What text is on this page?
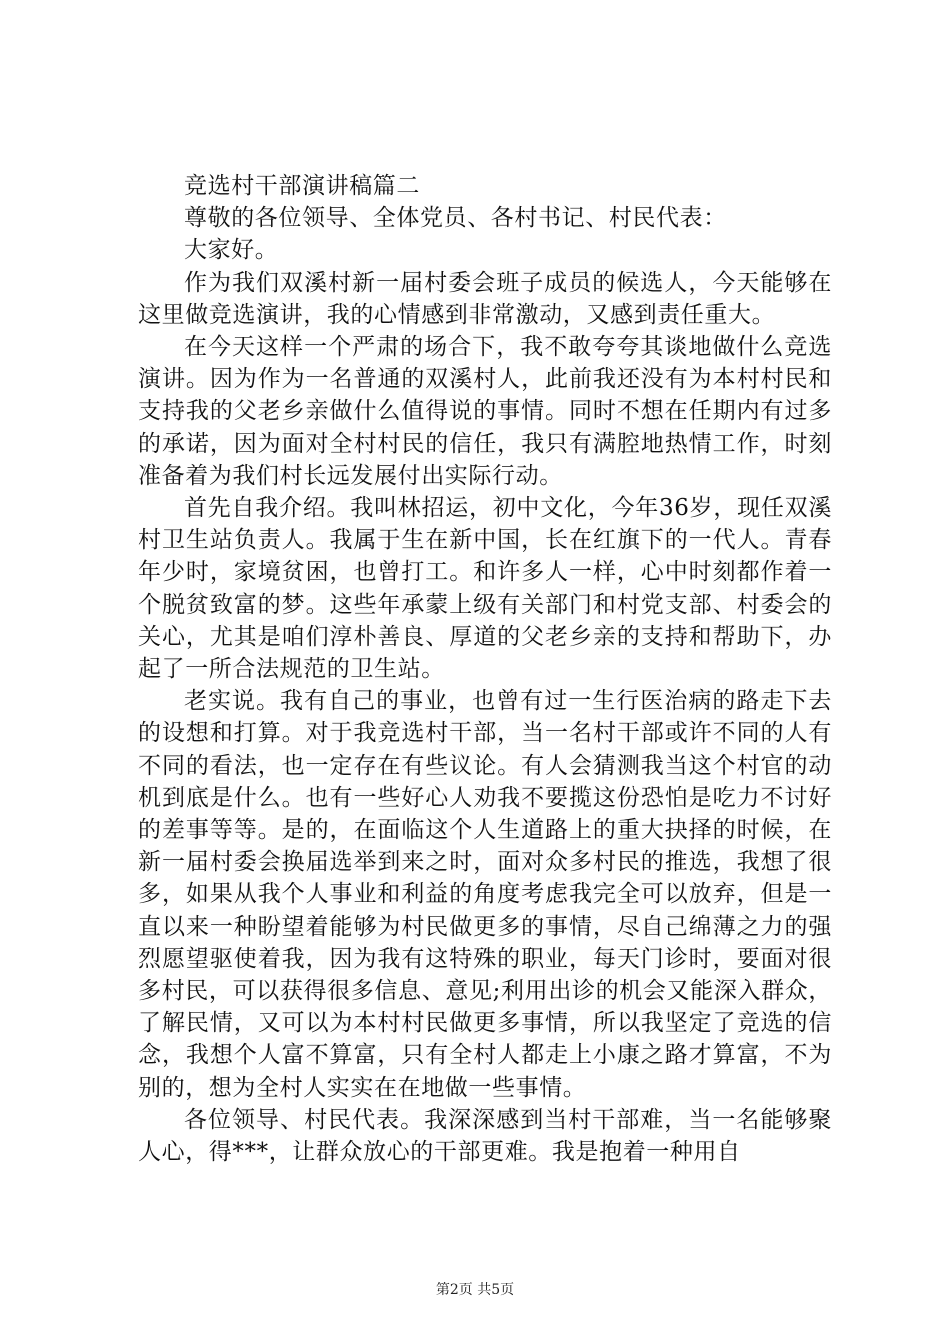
竞选村干部演讲稿篇二

尊敬的各位领导、全体党员、各村书记、村民代表：

大家好。

作为我们双溪村新一届村委会班子成员的候选人，今天能够在这里做竞选演讲，我的心情感到非常激动，又感到责任重大。

在今天这样一个严肃的场合下，我不敢夸夸其谈地做什么竞选演讲。因为作为一名普通的双溪村人，此前我还没有为本村村民和支持我的父老乡亲做什么值得说的事情。同时不想在任期内有过多的承诺，因为面对全村村民的信任，我只有满腔地热情工作，时刻准备着为我们村长远发展付出实际行动。

首先自我介绍。我叫林招运，初中文化，今年36岁，现任双溪村卫生站负责人。我属于生在新中国，长在红旗下的一代人。青春年少时，家境贫困，也曾打工。和许多人一样，心中时刻都作着一个脱贫致富的梦。这些年承蒙上级有关部门和村党支部、村委会的关心，尤其是咱们淳朴善良、厚道的父老乡亲的支持和帮助下，办起了一所合法规范的卫生站。

老实说。我有自己的事业，也曾有过一生行医治病的路走下去的设想和打算。对于我竞选村干部，当一名村干部或许不同的人有不同的看法，也一定存在有些议论。有人会猜测我当这个村官的动机到底是什么。也有一些好心人劝我不要揽这份恐怕是吃力不讨好的差事等等。是的，在面临这个人生道路上的重大抉择的时候，在新一届村委会换届选举到来之时，面对众多村民的推选，我想了很多，如果从我个人事业和利益的角度考虑我完全可以放弃，但是一直以来一种盼望着能够为村民做更多的事情，尽自己绵薄之力的强烈愿望驱使着我，因为我有这特殊的职业，每天门诊时，要面对很多村民，可以获得很多信息、意见;利用出诊的机会又能深入群众，了解民情，又可以为本村村民做更多事情，所以我坚定了竞选的信念，我想个人富不算富，只有全村人都走上小康之路才算富，不为别的，想为全村人实实在在地做一些事情。

各位领导、村民代表。我深深感到当村干部难，当一名能够聚人心，得***，让群众放心的干部更难。我是抱着一种用自

第2页 共5页
